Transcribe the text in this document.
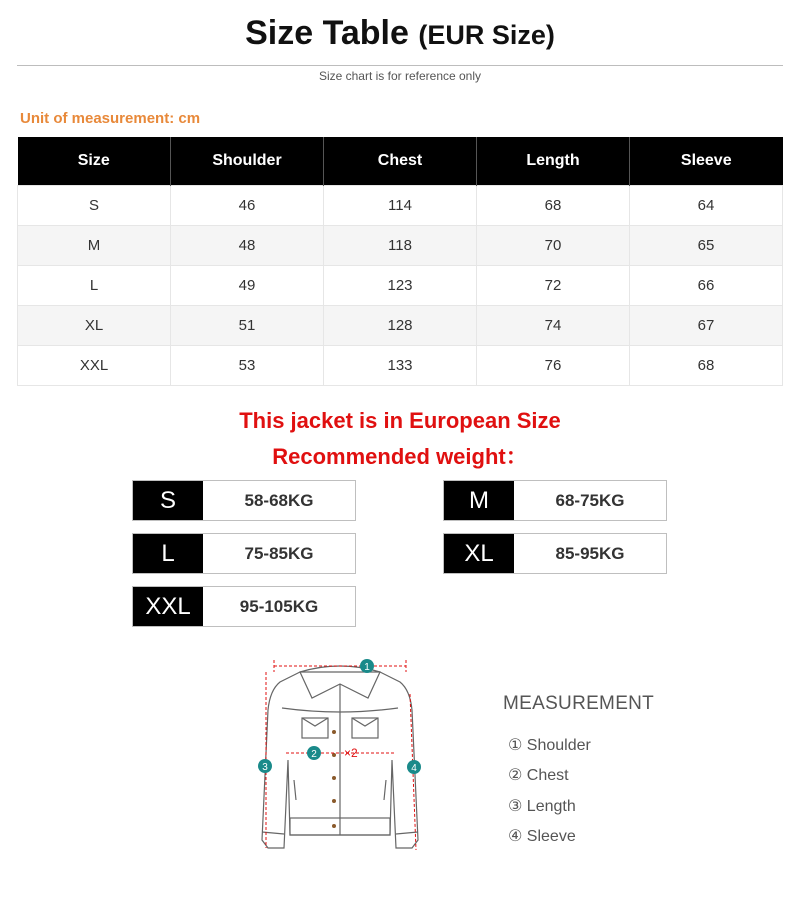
Size Table (EUR Size)
Size chart is for reference only
Unit of measurement: cm
Size	Shoulder	Chest	Length	Sleeve
S	46	114	68	64
M	48	118	70	65
L	49	123	72	66
XL	51	128	74	67
XXL	53	133	76	68
This jacket is in European Size
Recommended weight：
S	58-68KG	M	68-75KG
L	75-85KG	XL	85-95KG
XXL	95-105KG
1
2 ×2
3	4
MEASUREMENT
① Shoulder
② Chest
③ Length
④ Sleeve
